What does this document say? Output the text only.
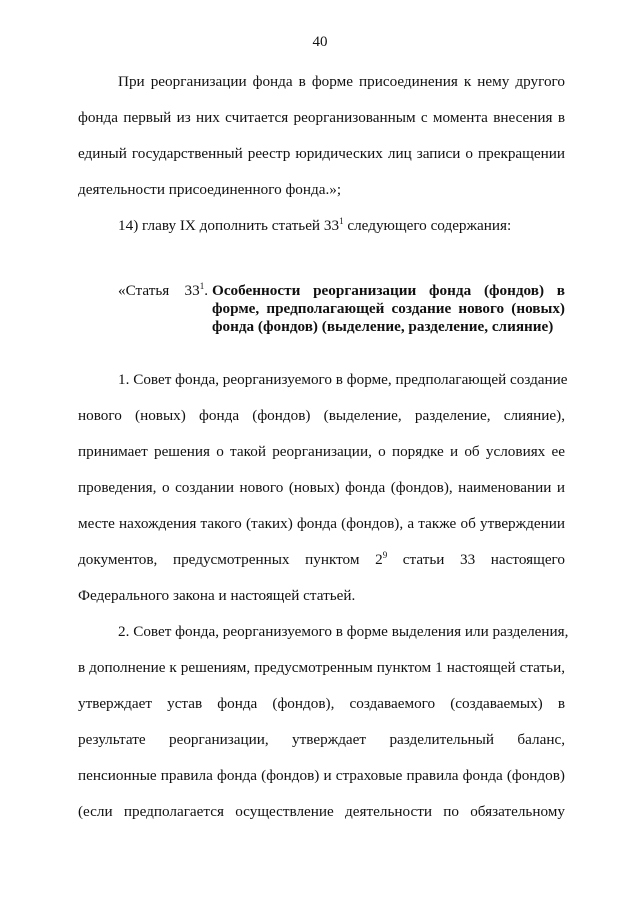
40
При реорганизации фонда в форме присоединения к нему другого
фонда первый из них считается реорганизованным с момента внесения в
единый государственный реестр юридических лиц записи о прекращении
деятельности присоединенного фонда.»;
14) главу IX дополнить статьей $33^1$ следующего содержания:
«Статья $33^1$. Особенности реорганизации фонда (фондов) в
форме, предполагающей создание нового (новых)
фонда (фондов) (выделение, разделение, слияние)
1. Совет фонда, реорганизуемого в форме, предполагающей создание
нового (новых) фонда (фондов) (выделение, разделение, слияние),
принимает решения о такой реорганизации, о порядке и об условиях ее
проведения, о создании нового (новых) фонда (фондов), наименовании и
месте нахождения такого (таких) фонда (фондов), а также об утверждении
документов, предусмотренных пунктом $2^9$ статьи 33 настоящего
Федерального закона и настоящей статьей.
2. Совет фонда, реорганизуемого в форме выделения или разделения,
в дополнение к решениям, предусмотренным пунктом 1 настоящей статьи,
утверждает устав фонда (фондов), создаваемого (создаваемых) в
результате реорганизации, утверждает разделительный баланс,
пенсионные правила фонда (фондов) и страховые правила фонда (фондов)
(если предполагается осуществление деятельности по обязательному
